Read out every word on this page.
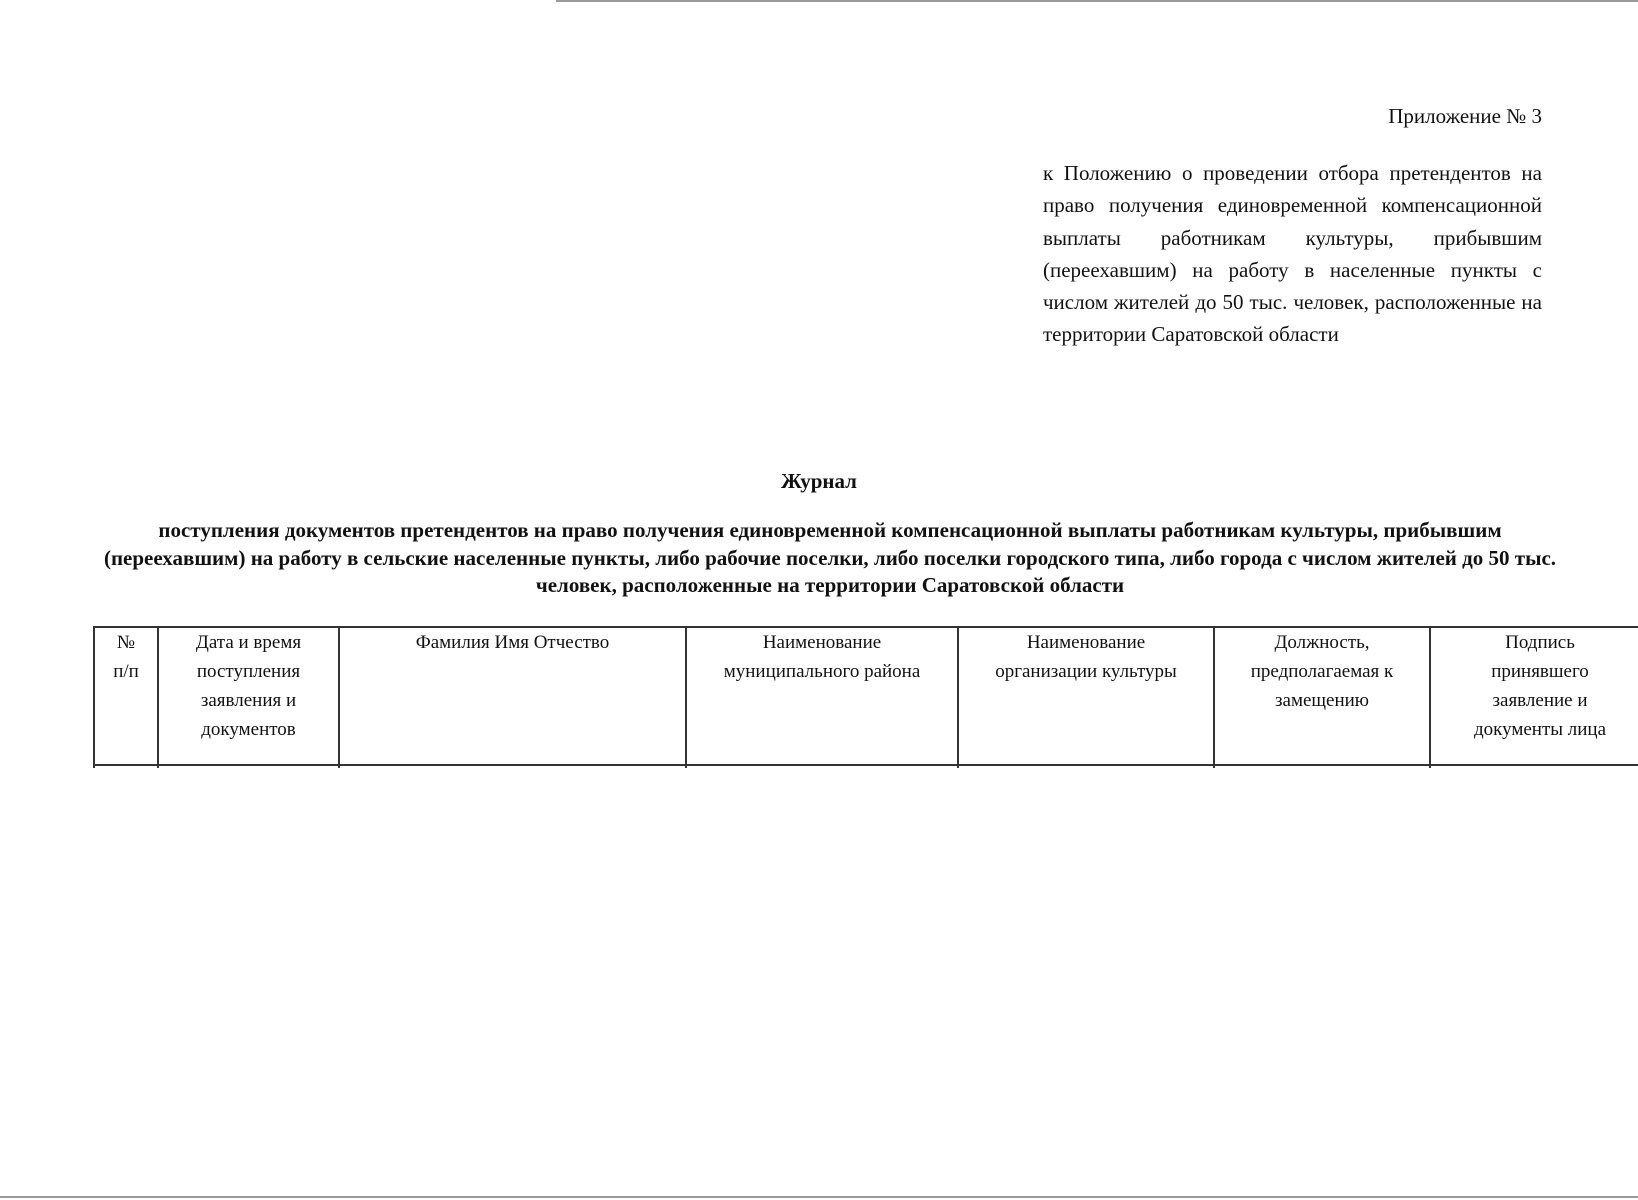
Приложение № 3
к Положению о проведении отбора претендентов на право получения единовременной компенсационной выплаты работникам культуры, прибывшим (переехавшим) на работу в населенные пункты с числом жителей до 50 тыс. человек, расположенные на территории Саратовской области
Журнал
поступления документов претендентов на право получения единовременной компенсационной выплаты работникам культуры, прибывшим (переехавшим) на работу в сельские населенные пункты, либо рабочие поселки, либо поселки городского типа, либо города с числом жителей до 50 тыс. человек, расположенные на территории Саратовской области
№
п/п
Дата и время
поступления
заявления и
документов
Фамилия Имя Отчество	Наименование
муниципального района
Наименование
организации культуры
Должность,
предполагаемая к
замещению
Подпись
принявшего
заявление и
документы лица
